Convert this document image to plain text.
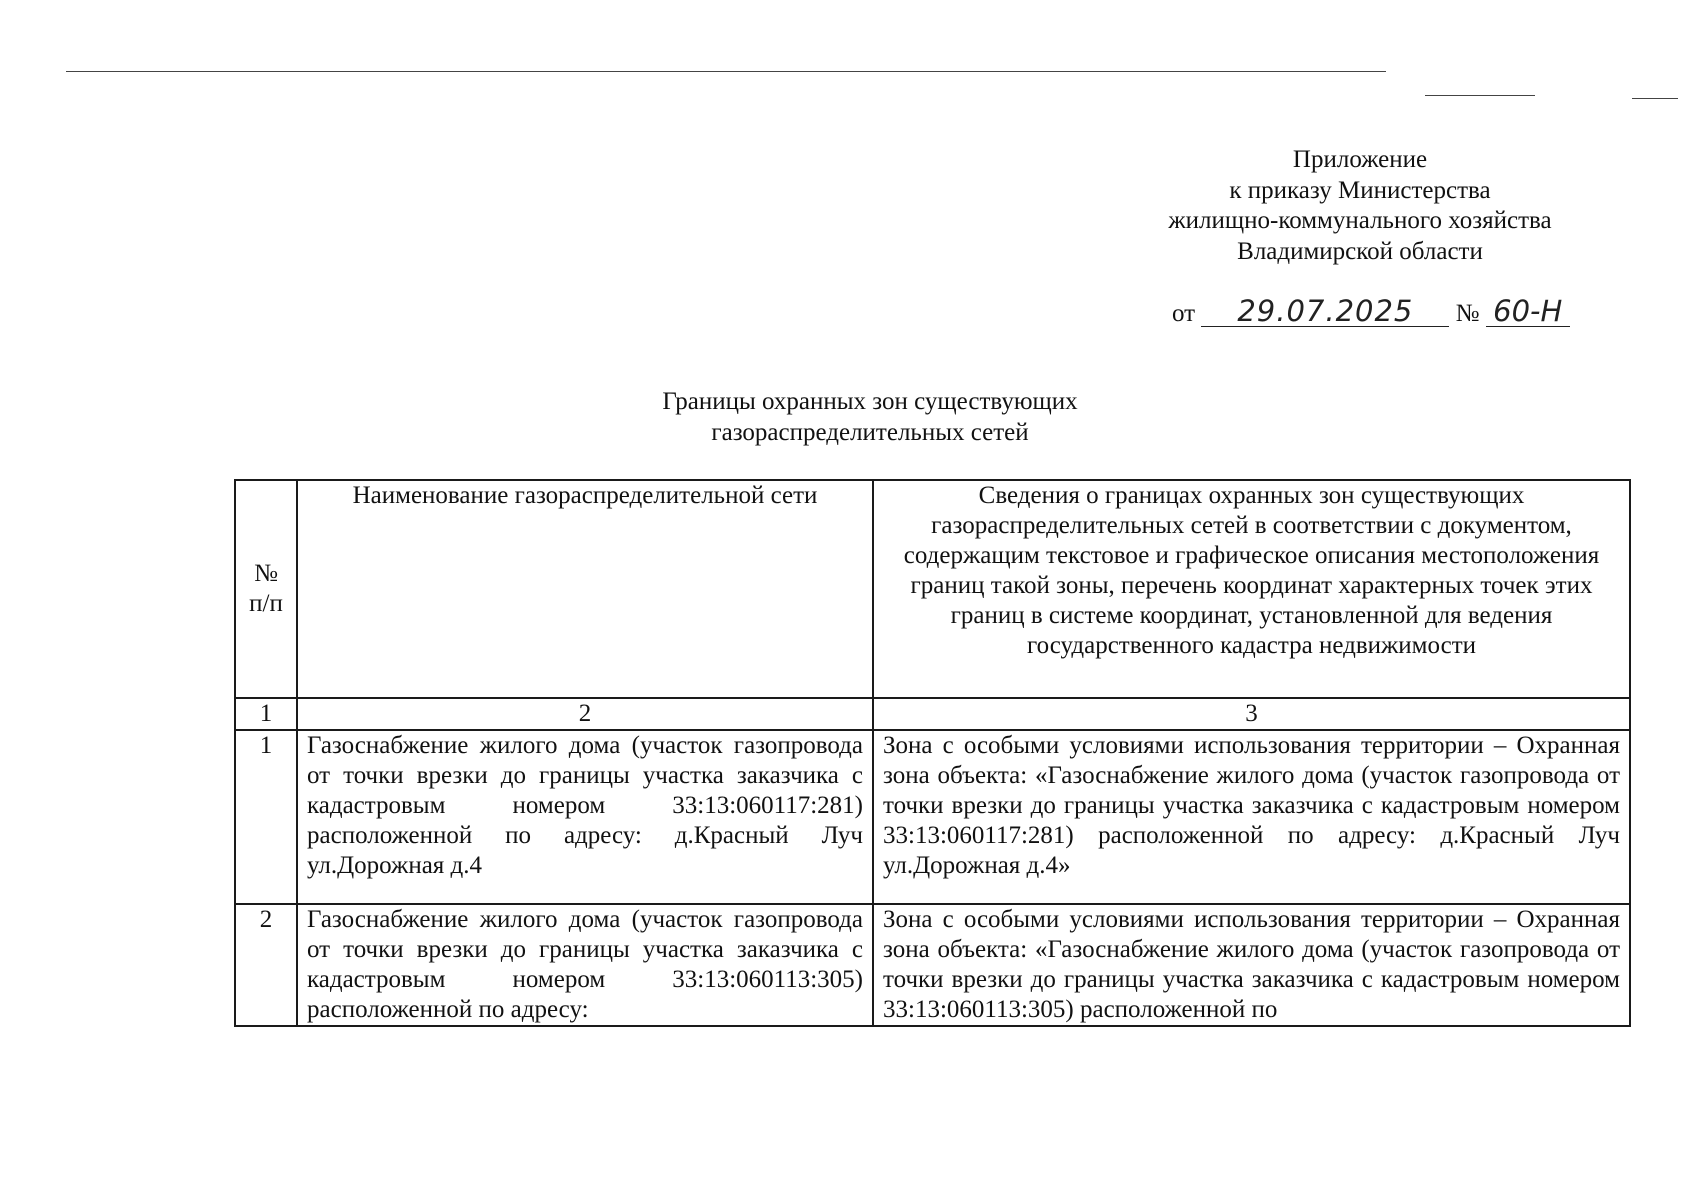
Приложение
к приказу Министерства
жилищно-коммунального хозяйства
Владимирской области
от 29.07.2025 № 60-Н
Границы охранных зон существующих
газораспределительных сетей
№ п/п	Наименование газораспределительной сети	Сведения о границах охранных зон существующих газораспределительных сетей в соответствии с документом, содержащим текстовое и графическое описания местоположения границ такой зоны, перечень координат характерных точек этих границ в системе координат, установленной для ведения государственного кадастра недвижимости
1	2	3
1	Газоснабжение жилого дома (участок газопровода от точки врезки до границы участка заказчика с кадастровым номером 33:13:060117:281) расположенной по адресу: д.Красный Луч ул.Дорожная д.4	Зона с особыми условиями использования территории – Охранная зона объекта: «Газоснабжение жилого дома (участок газопровода от точки врезки до границы участка заказчика с кадастровым номером 33:13:060117:281) расположенной по адресу: д.Красный Луч ул.Дорожная д.4»
2	Газоснабжение жилого дома (участок газопровода от точки врезки до границы участка заказчика с кадастровым номером 33:13:060113:305) расположенной по адресу:	Зона с особыми условиями использования территории – Охранная зона объекта: «Газоснабжение жилого дома (участок газопровода от точки врезки до границы участка заказчика с кадастровым номером 33:13:060113:305) расположенной по
